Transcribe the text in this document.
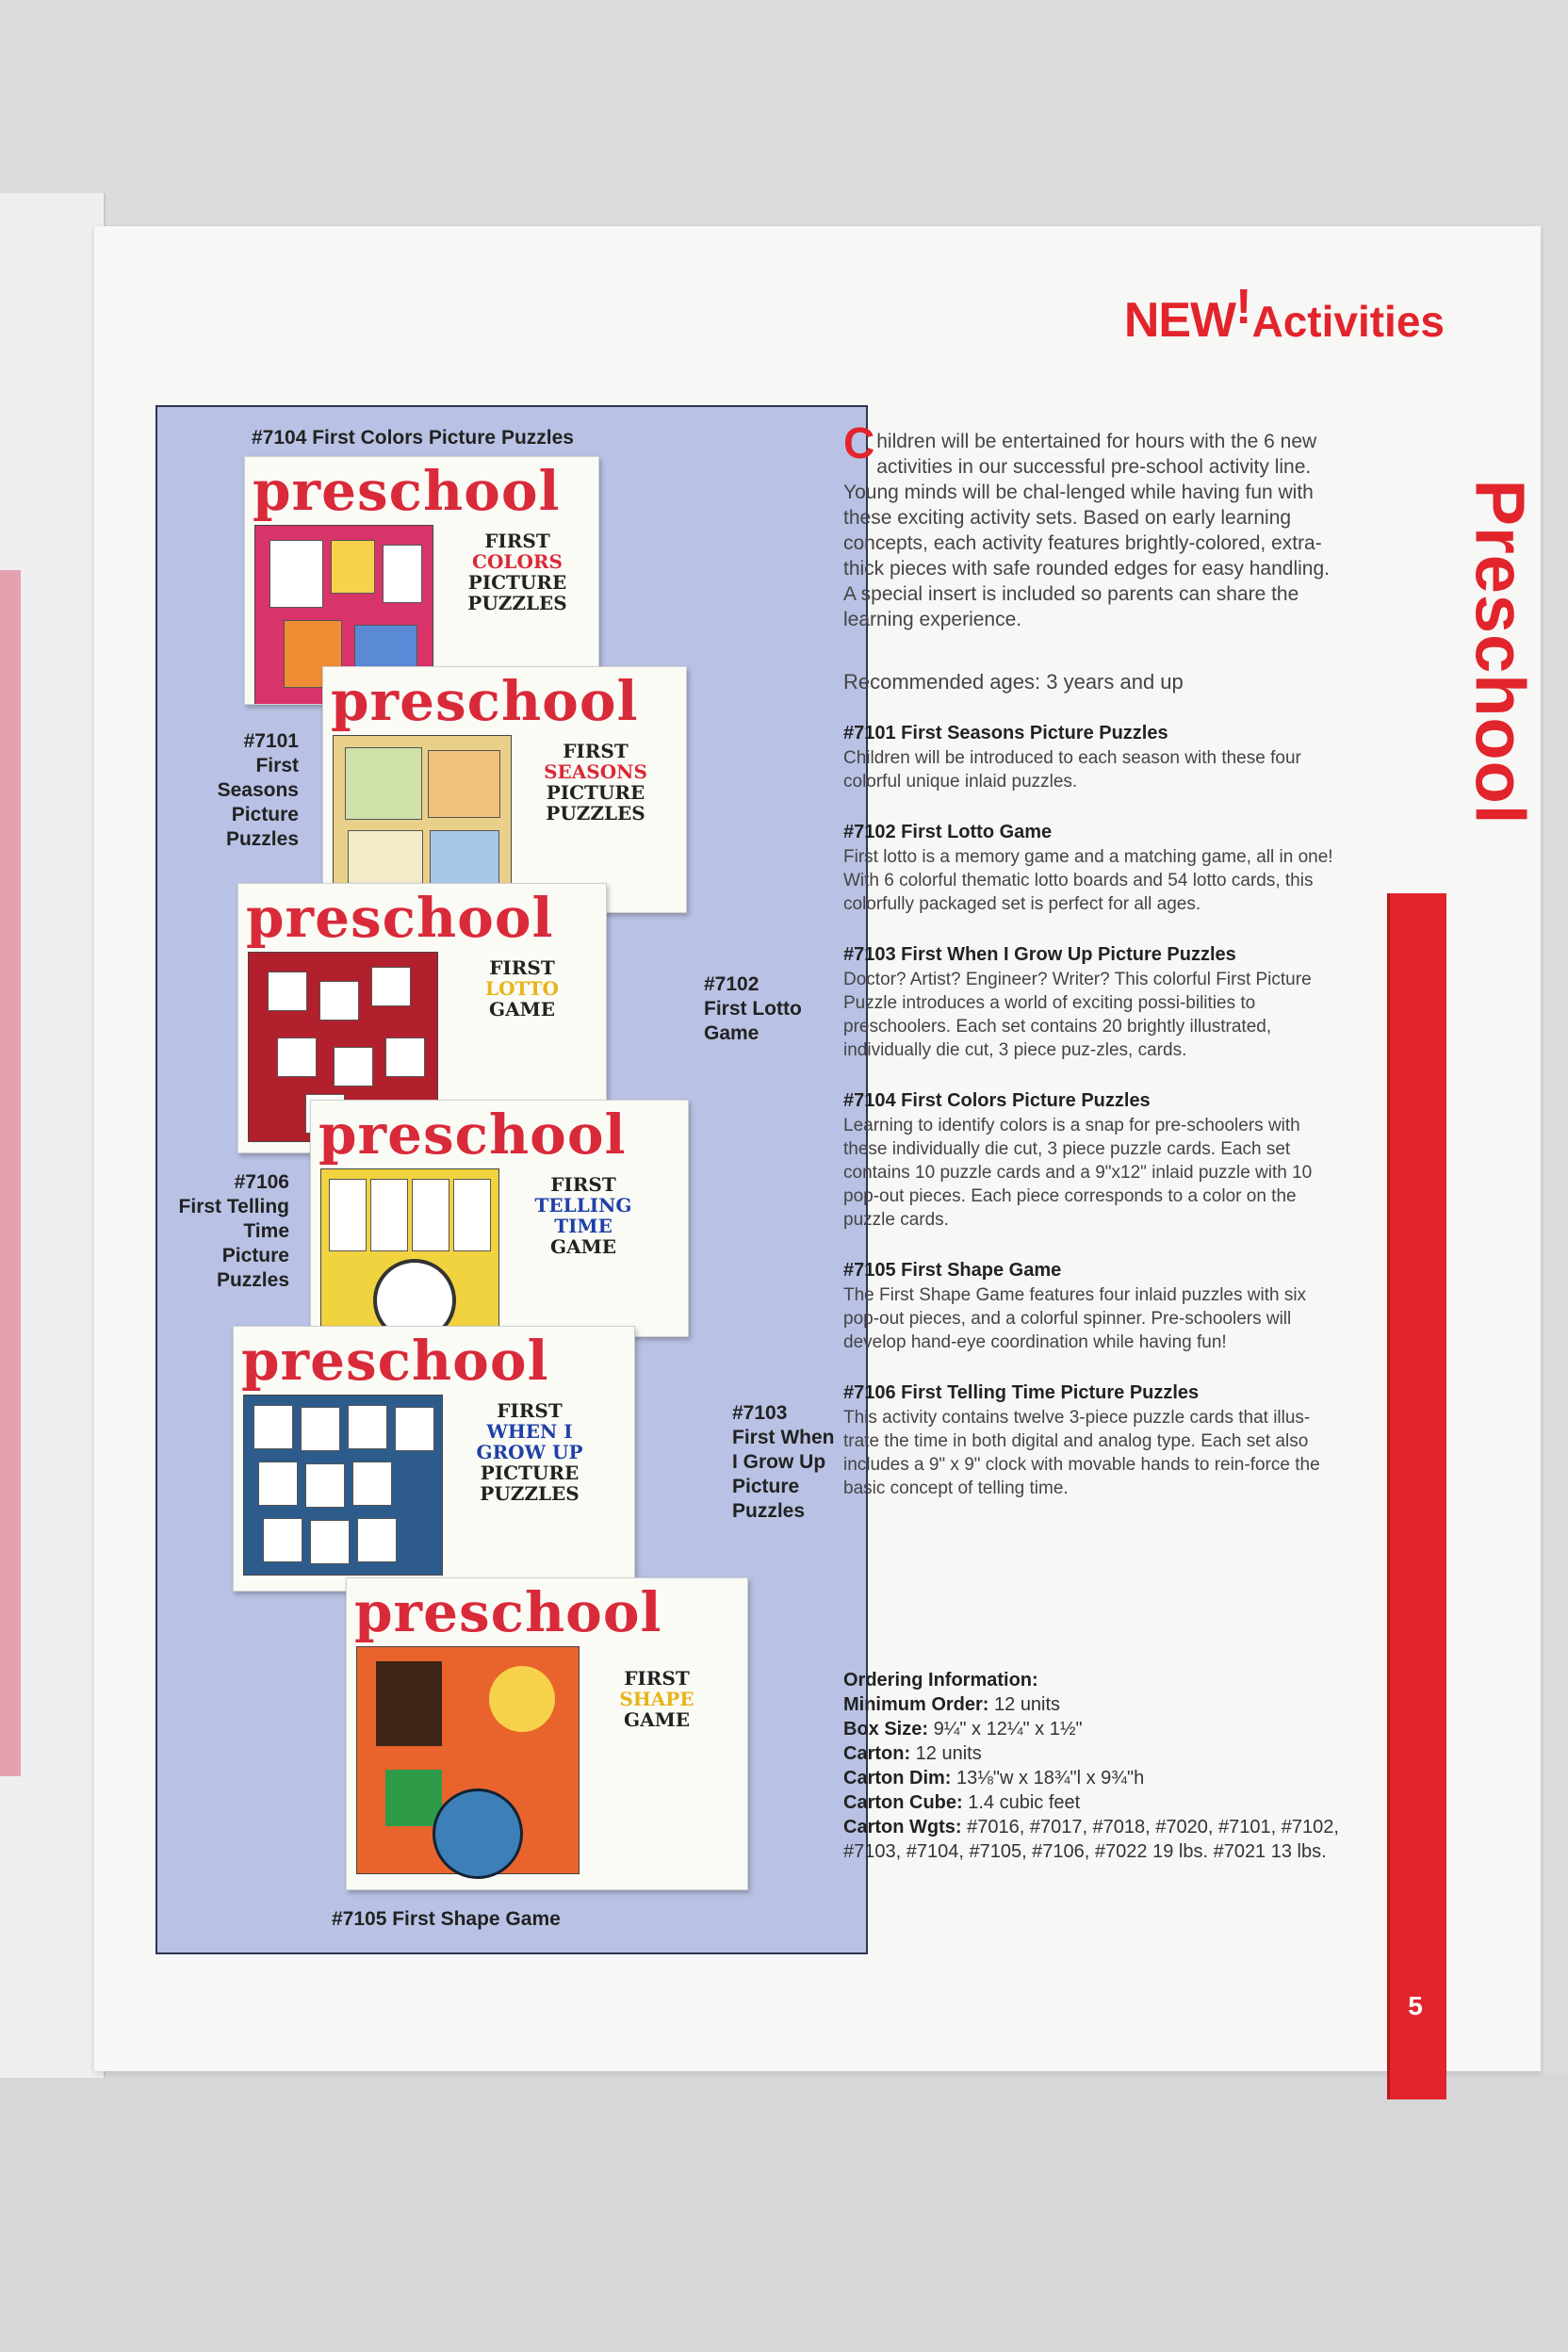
NEW!Activities
Preschool
5
#7104 First Colors Picture Puzzles
preschool
FIRST
COLORS
PICTURE
PUZZLES
#7101
First Seasons
Picture Puzzles
preschool
FIRST
SEASONS
PICTURE
PUZZLES
preschool
FIRST
LOTTO
GAME
#7102
First Lotto
Game
#7106
First Telling
Time Picture
Puzzles
preschool
FIRST
TELLING
TIME
GAME
preschool
FIRST
WHEN I
GROW UP
PICTURE
PUZZLES
#7103
First When
I Grow Up
Picture Puzzles
preschool
FIRST
SHAPE
GAME
#7105 First Shape Game

Children will be entertained for hours with the 6 new activities in our successful pre-school activity line. Young minds will be chal-lenged while having fun with these exciting activity sets. Based on early learning concepts, each activity features brightly-colored, extra-thick pieces with safe rounded edges for easy handling. A special insert is included so parents can share the learning experience.

Recommended ages: 3 years and up
#7101 First Seasons Picture Puzzles

Children will be introduced to each season with these four colorful unique inlaid puzzles.

#7102 First Lotto Game

First lotto is a memory game and a matching game, all in one! With 6 colorful thematic lotto boards and 54 lotto cards, this colorfully packaged set is perfect for all ages.

#7103 First When I Grow Up Picture Puzzles

Doctor? Artist? Engineer? Writer? This colorful First Picture Puzzle introduces a world of exciting possi-bilities to preschoolers. Each set contains 20 brightly illustrated, individually die cut, 3 piece puz-zles, cards.

#7104 First Colors Picture Puzzles

Learning to identify colors is a snap for pre-schoolers with these individually die cut, 3 piece puzzle cards. Each set contains 10 puzzle cards and a 9"x12" inlaid puzzle with 10 pop-out pieces. Each piece corresponds to a color on the puzzle cards.

#7105 First Shape Game

The First Shape Game features four inlaid puzzles with six pop-out pieces, and a colorful spinner. Pre-schoolers will develop hand-eye coordination while having fun!

#7106 First Telling Time Picture Puzzles

This activity contains twelve 3-piece puzzle cards that illus-trate the time in both digital and analog type. Each set also includes a 9" x 9" clock with movable hands to rein-force the basic concept of telling time.

Ordering Information:
Minimum Order: 12 units
Box Size: 9¼" x 12¼" x 1½"
Carton: 12 units
Carton Dim: 13⅛"w x 18¾"l x 9¾"h
Carton Cube: 1.4 cubic feet
Carton Wgts: #7016, #7017, #7018, #7020, #7101, #7102, #7103, #7104, #7105, #7106, #7022 19 lbs. #7021 13 lbs.
